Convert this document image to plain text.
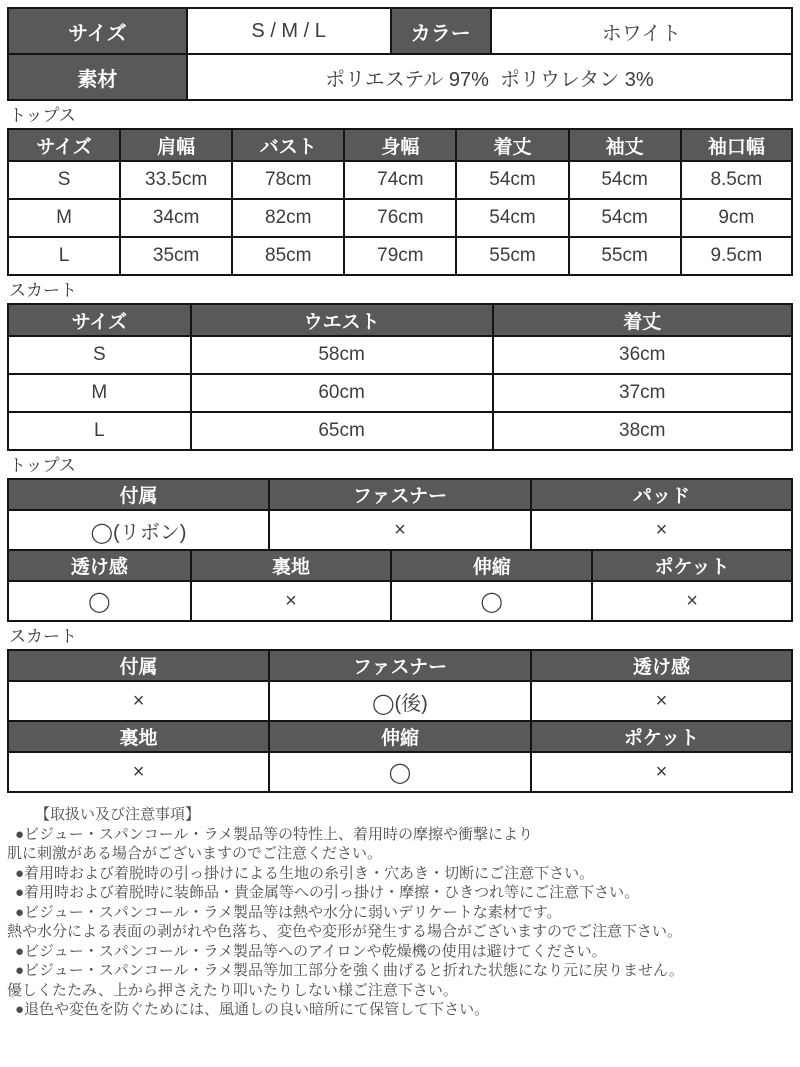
サイズ	S / M / L	カラー	ホワイト
素材	ポリエステル 97%  ポリウレタン 3%		
トップス
サイズ	肩幅	バスト	身幅	着丈	袖丈	袖口幅
S	33.5cm	78cm	74cm	54cm	54cm	8.5cm
M	34cm	82cm	76cm	54cm	54cm	9cm
L	35cm	85cm	79cm	55cm	55cm	9.5cm
スカート
サイズ	ウエスト	着丈
S	58cm	36cm
M	60cm	37cm
L	65cm	38cm
トップス
付属	ファスナー	パッド
◯(リボン)	×	×
透け感	裏地	伸縮	ポケット
◯	×	◯	×
スカート
付属	ファスナー	透け感
×	◯(後)	×
裏地	伸縮	ポケット
×	◯	×
【取扱い及び注意事項】
●ビジュー・スパンコール・ラメ製品等の特性上、着用時の摩擦や衝撃により
肌に刺激がある場合がございますのでご注意ください。
●着用時および着脱時の引っ掛けによる生地の糸引き・穴あき・切断にご注意下さい。
●着用時および着脱時に装飾品・貴金属等への引っ掛け・摩擦・ひきつれ等にご注意下さい。
●ビジュー・スパンコール・ラメ製品等は熱や水分に弱いデリケートな素材です。
熱や水分による表面の剥がれや色落ち、変色や変形が発生する場合がございますのでご注意下さい。
●ビジュー・スパンコール・ラメ製品等へのアイロンや乾燥機の使用は避けてください。
●ビジュー・スパンコール・ラメ製品等加工部分を強く曲げると折れた状態になり元に戻りません。
優しくたたみ、上から押さえたり叩いたりしない様ご注意下さい。
●退色や変色を防ぐためには、風通しの良い暗所にて保管して下さい。
